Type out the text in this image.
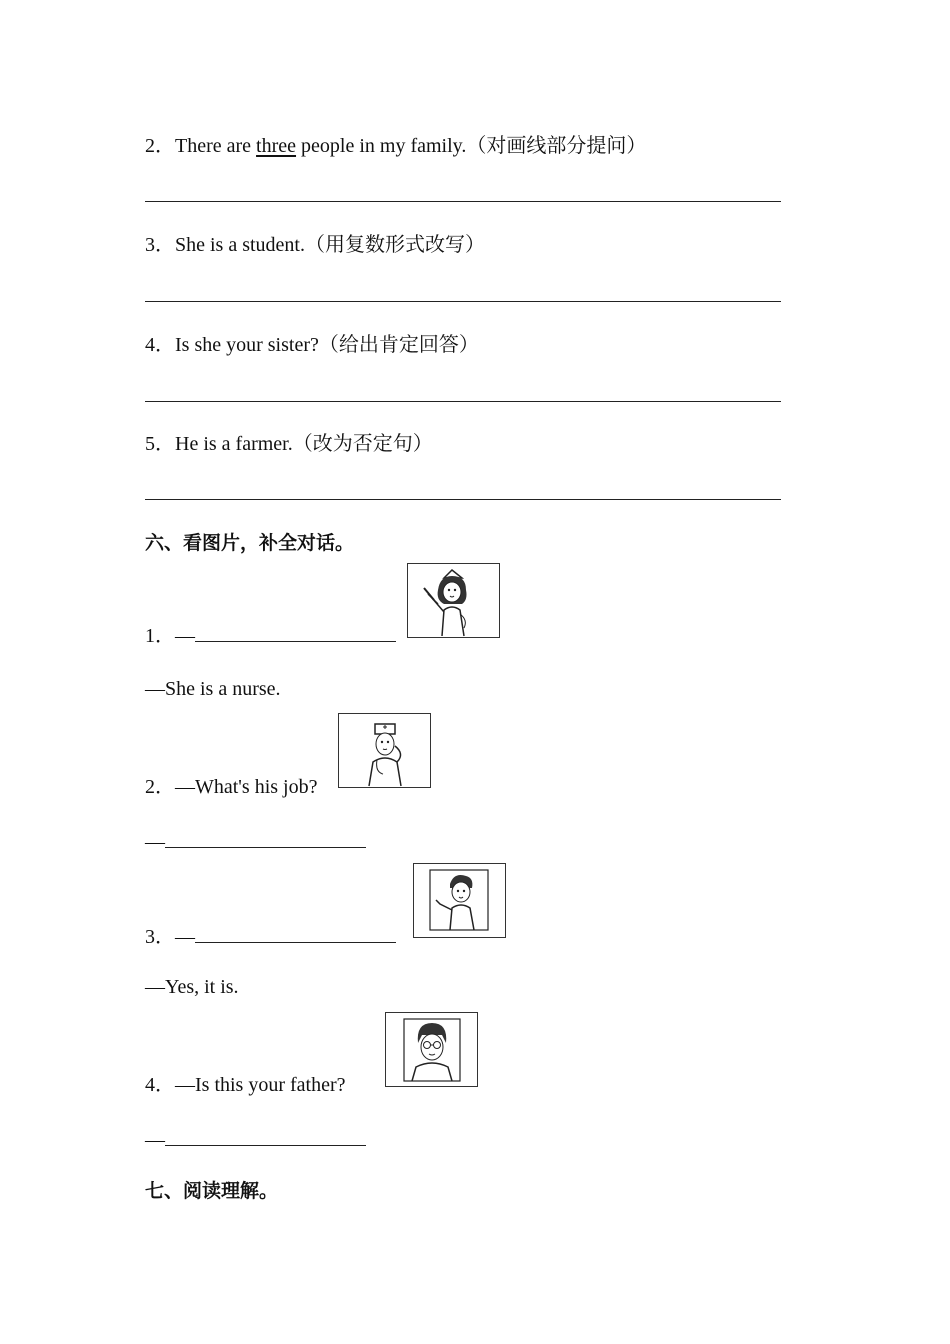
2．There are three people in my family.（对画线部分提问）
3．She is a student.（用复数形式改写）
4．Is she your sister?（给出肯定回答）
5．He is a farmer.（改为否定句）
六、看图片，补全对话。
1．—
—She is a nurse.
2．—What's his job?
—
3．—
—Yes, it is.
4．—Is this your father?
—
七、阅读理解。
